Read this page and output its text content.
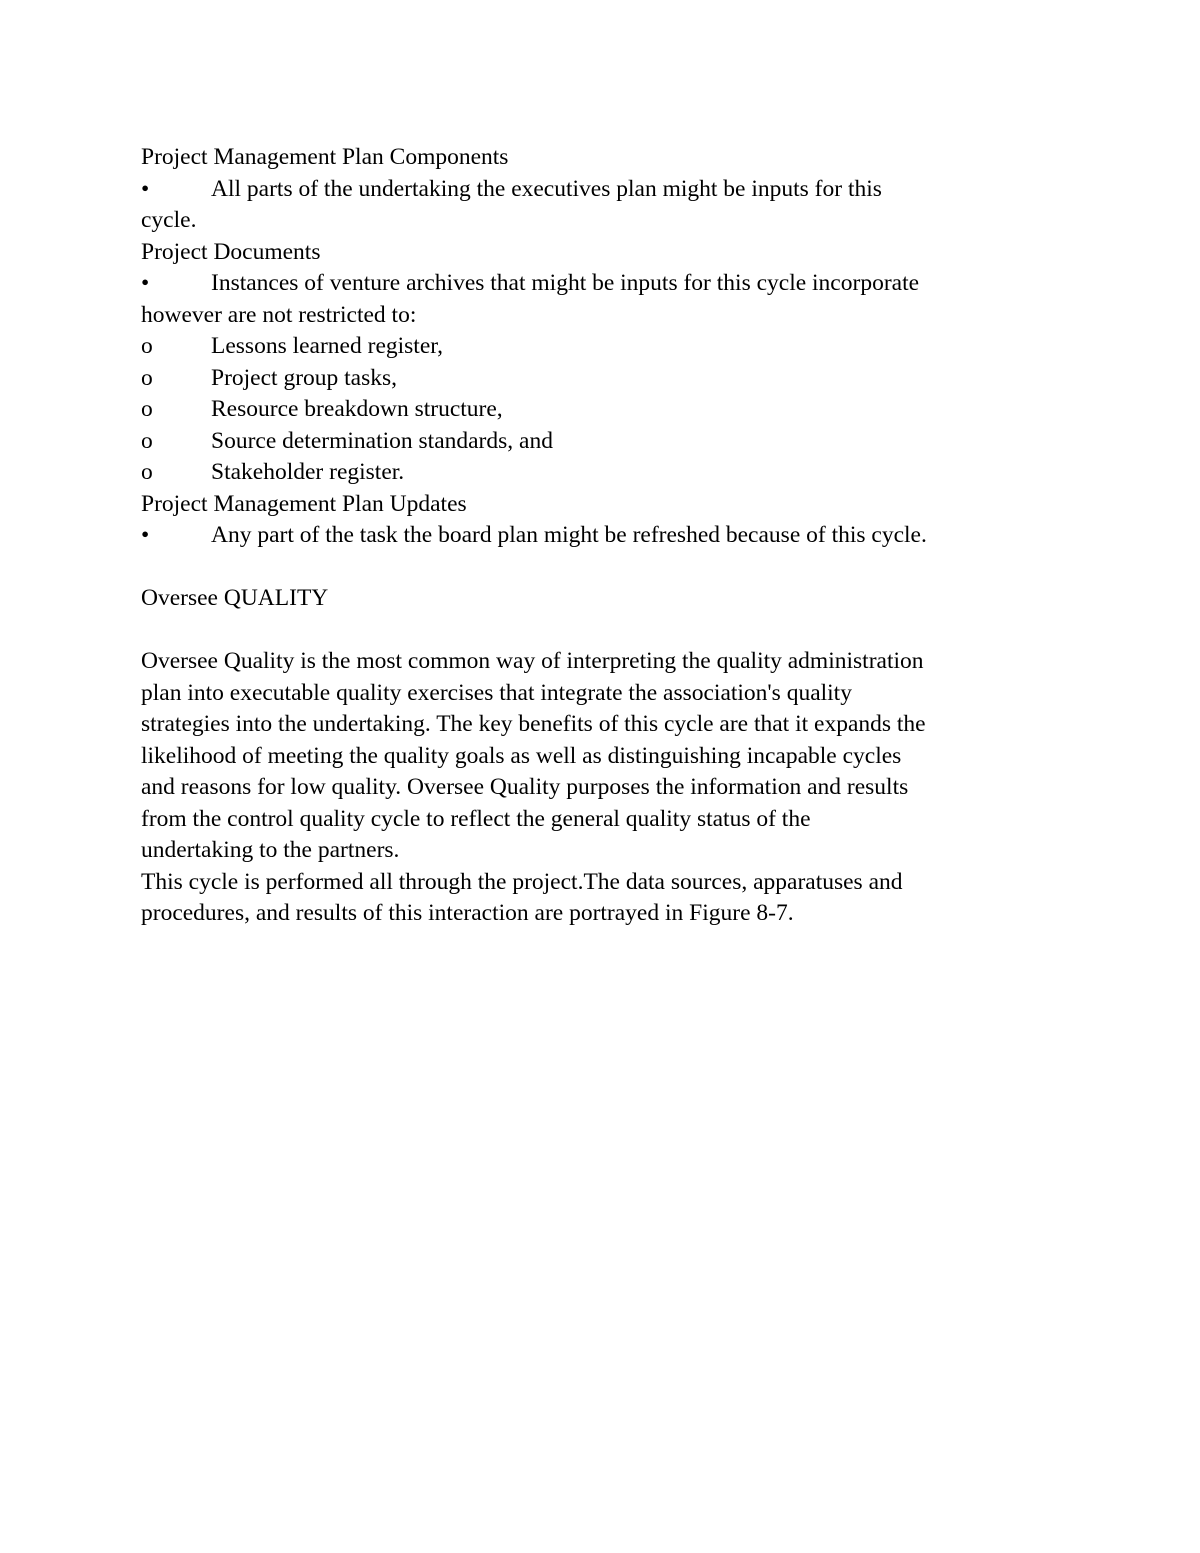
Project Management Plan Components
•	All parts of the undertaking the executives plan might be inputs for this
cycle.
Project Documents
•	Instances of venture archives that might be inputs for this cycle incorporate
however are not restricted to:
o	Lessons learned register,
o	Project group tasks,
o	Resource breakdown structure,
o	Source determination standards, and
o	Stakeholder register.
Project Management Plan Updates
•	Any part of the task the board plan might be refreshed because of this cycle.
Oversee QUALITY
Oversee Quality is the most common way of interpreting the quality administration
plan into executable quality exercises that integrate the association's quality
strategies into the undertaking. The key benefits of this cycle are that it expands the
likelihood of meeting the quality goals as well as distinguishing incapable cycles
and reasons for low quality. Oversee Quality purposes the information and results
from the control quality cycle to reflect the general quality status of the
undertaking to the partners.
This cycle is performed all through the project.The data sources, apparatuses and
procedures, and results of this interaction are portrayed in Figure 8-7.
